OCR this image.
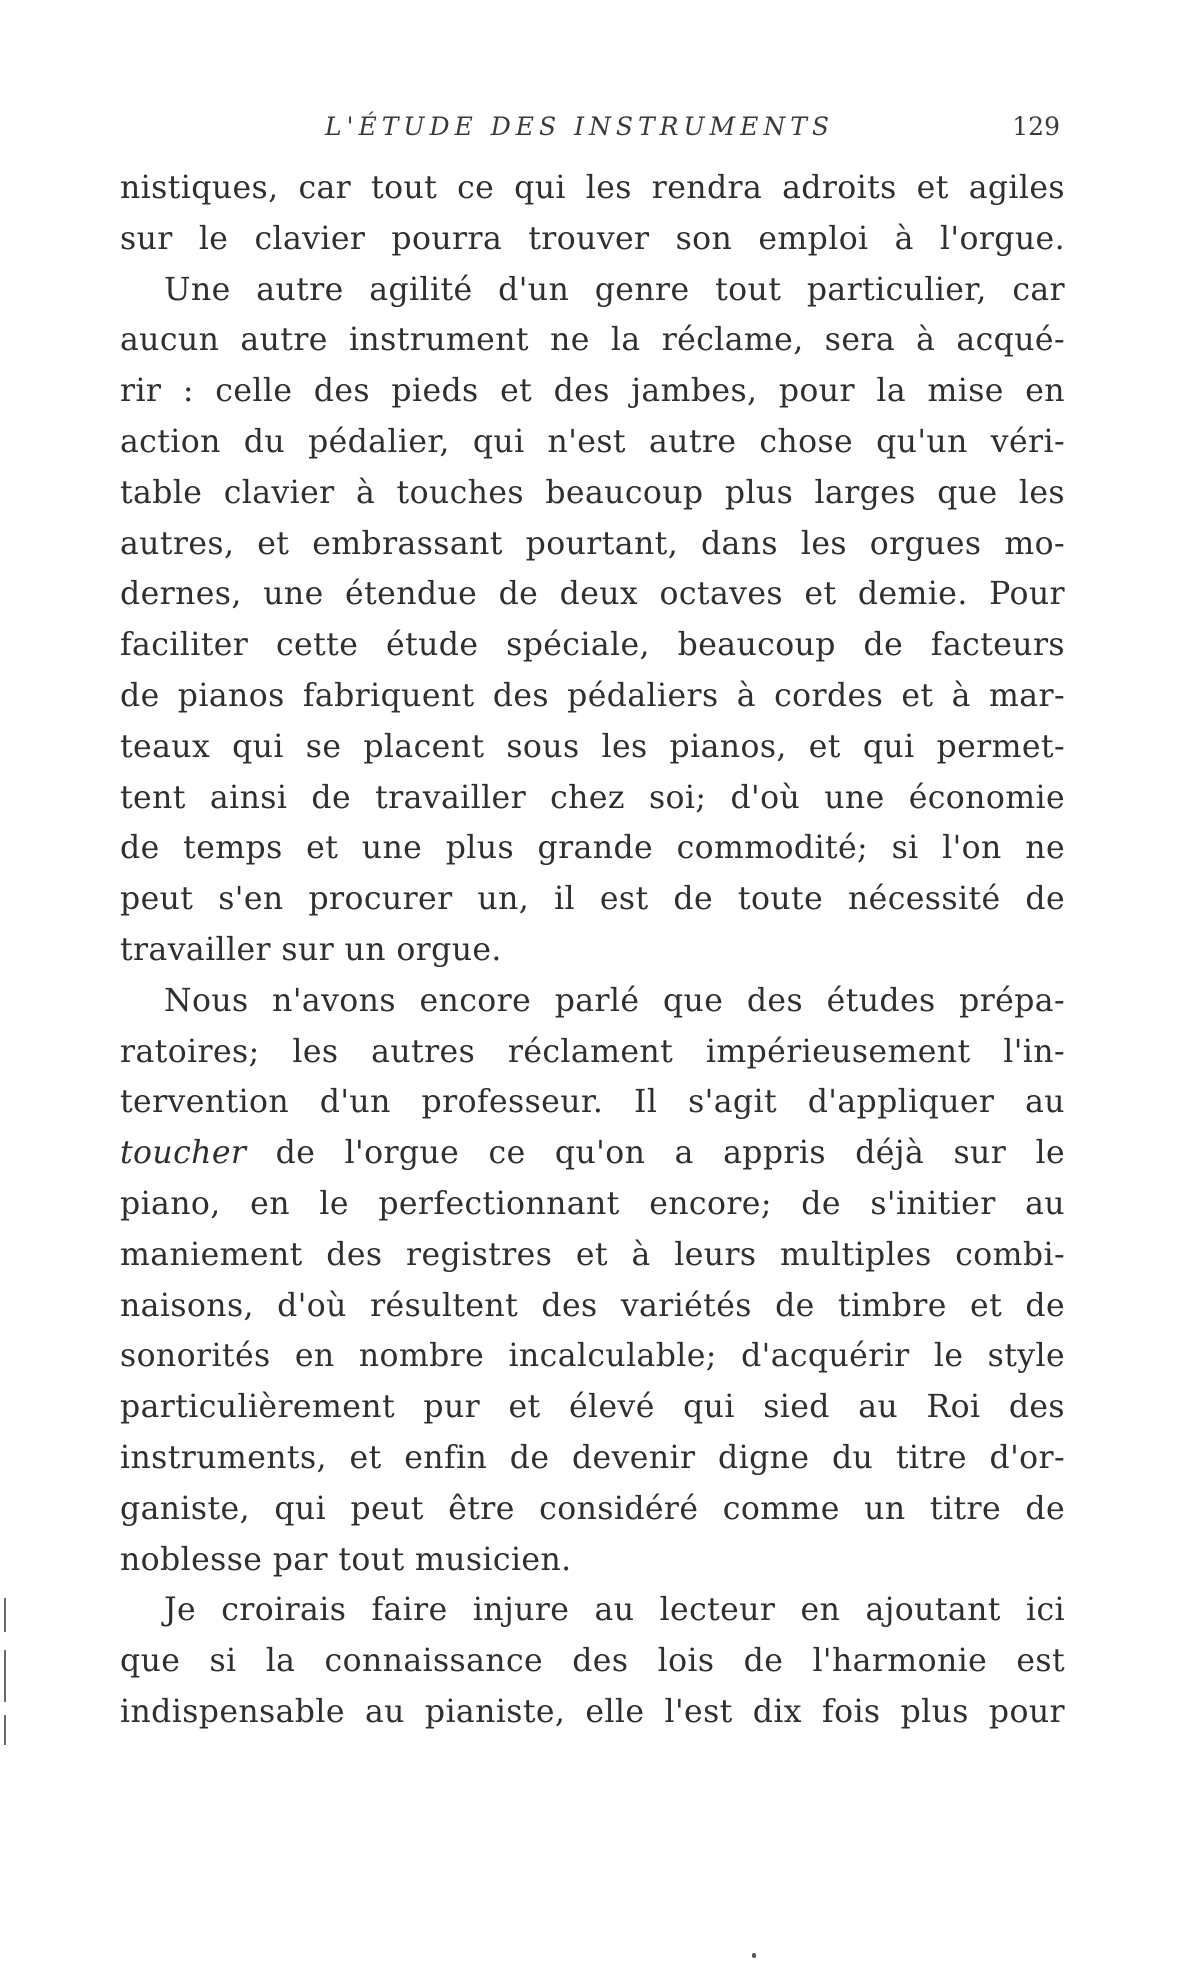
L'ÉTUDE DES INSTRUMENTS	129
nistiques, car tout ce qui les rendra adroits et agiles
sur le clavier pourra trouver son emploi à l'orgue.
Une autre agilité d'un genre tout particulier, car
aucun autre instrument ne la réclame, sera à acqué-
rir : celle des pieds et des jambes, pour la mise en
action du pédalier, qui n'est autre chose qu'un véri-
table clavier à touches beaucoup plus larges que les
autres, et embrassant pourtant, dans les orgues mo-
dernes, une étendue de deux octaves et demie. Pour
faciliter cette étude spéciale, beaucoup de facteurs
de pianos fabriquent des pédaliers à cordes et à mar-
teaux qui se placent sous les pianos, et qui permet-
tent ainsi de travailler chez soi; d'où une économie
de temps et une plus grande commodité; si l'on ne
peut s'en procurer un, il est de toute nécessité de
travailler sur un orgue.
Nous n'avons encore parlé que des études prépa-
ratoires; les autres réclament impérieusement l'in-
tervention d'un professeur. Il s'agit d'appliquer au
toucher de l'orgue ce qu'on a appris déjà sur le
piano, en le perfectionnant encore; de s'initier au
maniement des registres et à leurs multiples combi-
naisons, d'où résultent des variétés de timbre et de
sonorités en nombre incalculable; d'acquérir le style
particulièrement pur et élevé qui sied au Roi des
instruments, et enfin de devenir digne du titre d'or-
ganiste, qui peut être considéré comme un titre de
noblesse par tout musicien.
Je croirais faire injure au lecteur en ajoutant ici
que si la connaissance des lois de l'harmonie est
indispensable au pianiste, elle l'est dix fois plus pour
